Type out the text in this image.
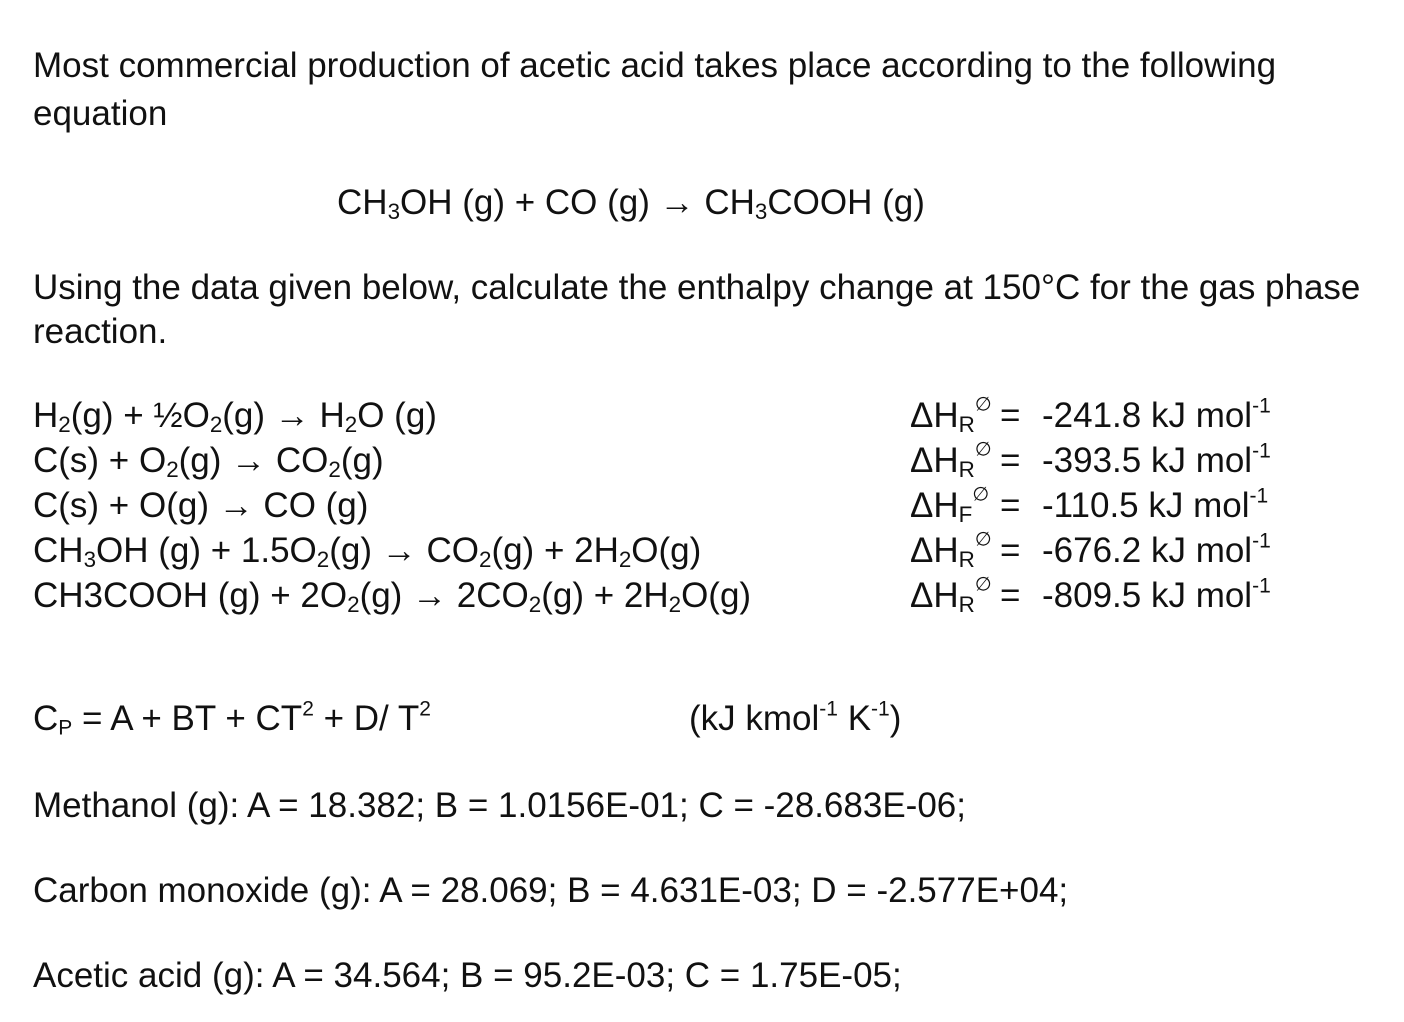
Most commercial production of acetic acid takes place according to the following equation
$CH_3OH$ (g) + CO $(g) \to CH_3COOH$ (g)
Using the data given below, calculate the enthalpy change at 150°C for the gas phase reaction.
$H_2(g)$ + $\frac{1}{2}O_2(g) \to H_2O$ (g)	$\Delta H_R^\emptyset = -241.8$ kJ mol$^{-1}$
$C(s) + O_2(g) \to CO_2(g)$	$\Delta H_R^\emptyset = -393.5$ kJ mol$^{-1}$
C(s) + O(g) → CO (g)	$\Delta H_F^\emptyset = -110.5$ kJ mol$^{-1}$
$CH_3OH$ $(g) + 1.5O_2(g) \to CO_2(g) + 2H_2O(g)$	$\Delta H_R^\emptyset = -676.2$ kJ mol$^{-1}$
CH3COOH $(g) + 2O_2(g) \to 2CO_2(g) + 2H_2O(g)$	$\Delta H_R^\emptyset = -809.5$ kJ mol$^{-1}$
$C_P = A$ + BT + $CT^2 + D/$ $T^2$	(kJ kmol$^{-1}$ $K^{-1}$)
Methanol (g): A = 18.382; B = 1.0156E-01; C = -28.683E-06;
Carbon monoxide (g): A = 28.069; B = 4.631E-03; D = -2.577E+04;
Acetic acid (g): A = 34.564; B = 95.2E-03; C = 1.75E-05;
